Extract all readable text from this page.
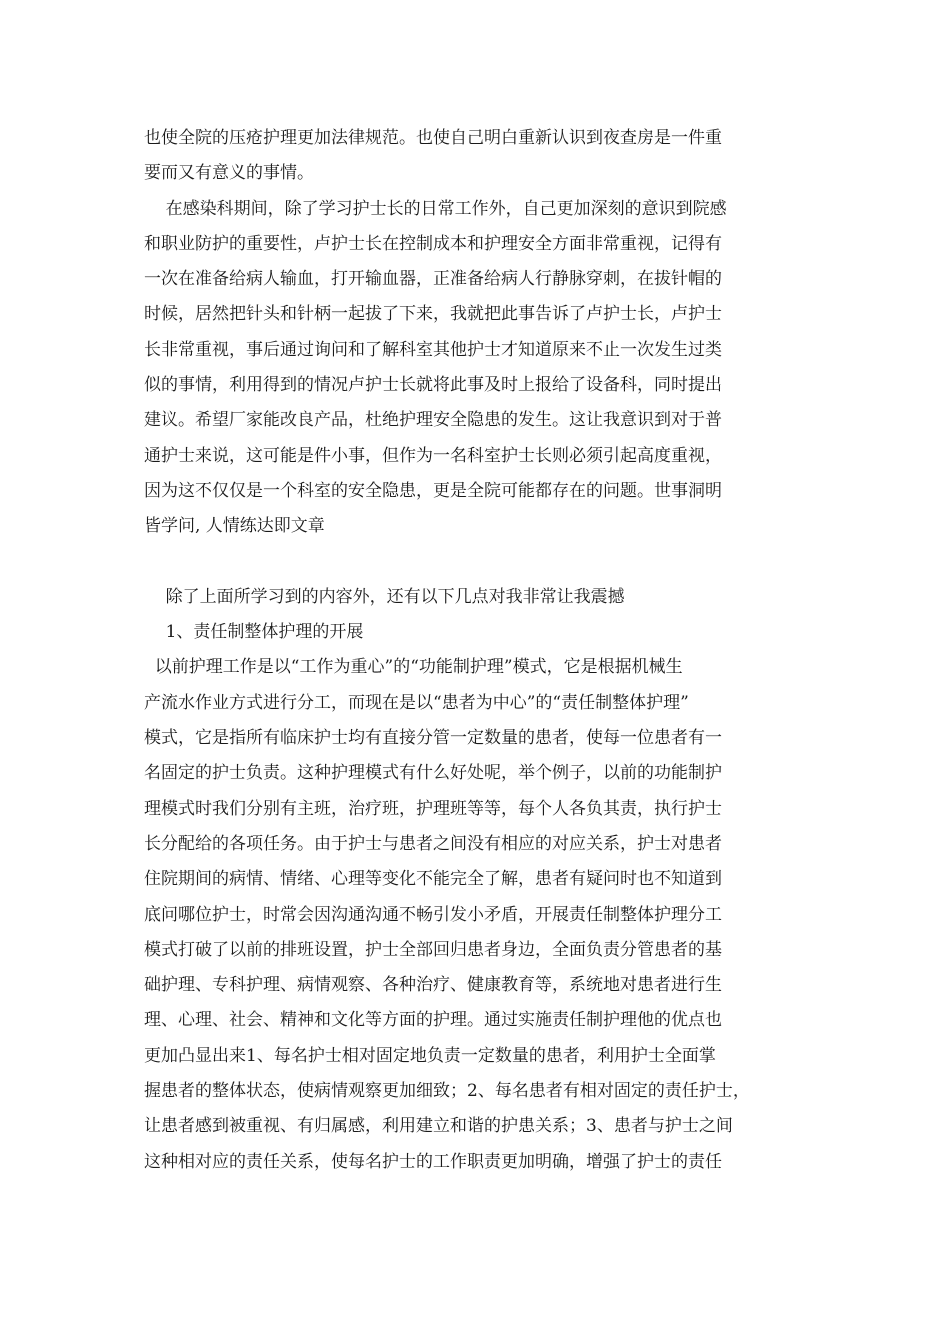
也使全院的压疮护理更加法律规范。也使自己明白重新认识到夜查房是一件重
要而又有意义的事情。
在感染科期间，除了学习护士长的日常工作外，自己更加深刻的意识到院感
和职业防护的重要性，卢护士长在控制成本和护理安全方面非常重视，记得有
一次在准备给病人输血，打开输血器，正准备给病人行静脉穿刺，在拔针帽的
时候，居然把针头和针柄一起拔了下来，我就把此事告诉了卢护士长，卢护士
长非常重视，事后通过询问和了解科室其他护士才知道原来不止一次发生过类
似的事情，利用得到的情况卢护士长就将此事及时上报给了设备科，同时提出
建议。希望厂家能改良产品，杜绝护理安全隐患的发生。这让我意识到对于普
通护士来说，这可能是件小事，但作为一名科室护士长则必须引起高度重视，
因为这不仅仅是一个科室的安全隐患，更是全院可能都存在的问题。世事洞明
皆学问, 人情练达即文章
除了上面所学习到的内容外，还有以下几点对我非常让我震撼
1、责任制整体护理的开展
以前护理工作是以“工作为重心”的“功能制护理”模式，它是根据机械生
产流水作业方式进行分工，而现在是以“患者为中心”的“责任制整体护理”
模式，它是指所有临床护士均有直接分管一定数量的患者，使每一位患者有一
名固定的护士负责。这种护理模式有什么好处呢，举个例子，以前的功能制护
理模式时我们分别有主班，治疗班，护理班等等，每个人各负其责，执行护士
长分配给的各项任务。由于护士与患者之间没有相应的对应关系，护士对患者
住院期间的病情、情绪、心理等变化不能完全了解，患者有疑问时也不知道到
底问哪位护士，时常会因沟通沟通不畅引发小矛盾，开展责任制整体护理分工
模式打破了以前的排班设置，护士全部回归患者身边，全面负责分管患者的基
础护理、专科护理、病情观察、各种治疗、健康教育等，系统地对患者进行生
理、心理、社会、精神和文化等方面的护理。通过实施责任制护理他的优点也
更加凸显出来1、每名护士相对固定地负责一定数量的患者，利用护士全面掌
握患者的整体状态，使病情观察更加细致；2、每名患者有相对固定的责任护士，
让患者感到被重视、有归属感，利用建立和谐的护患关系；3、患者与护士之间
这种相对应的责任关系，使每名护士的工作职责更加明确，增强了护士的责任
